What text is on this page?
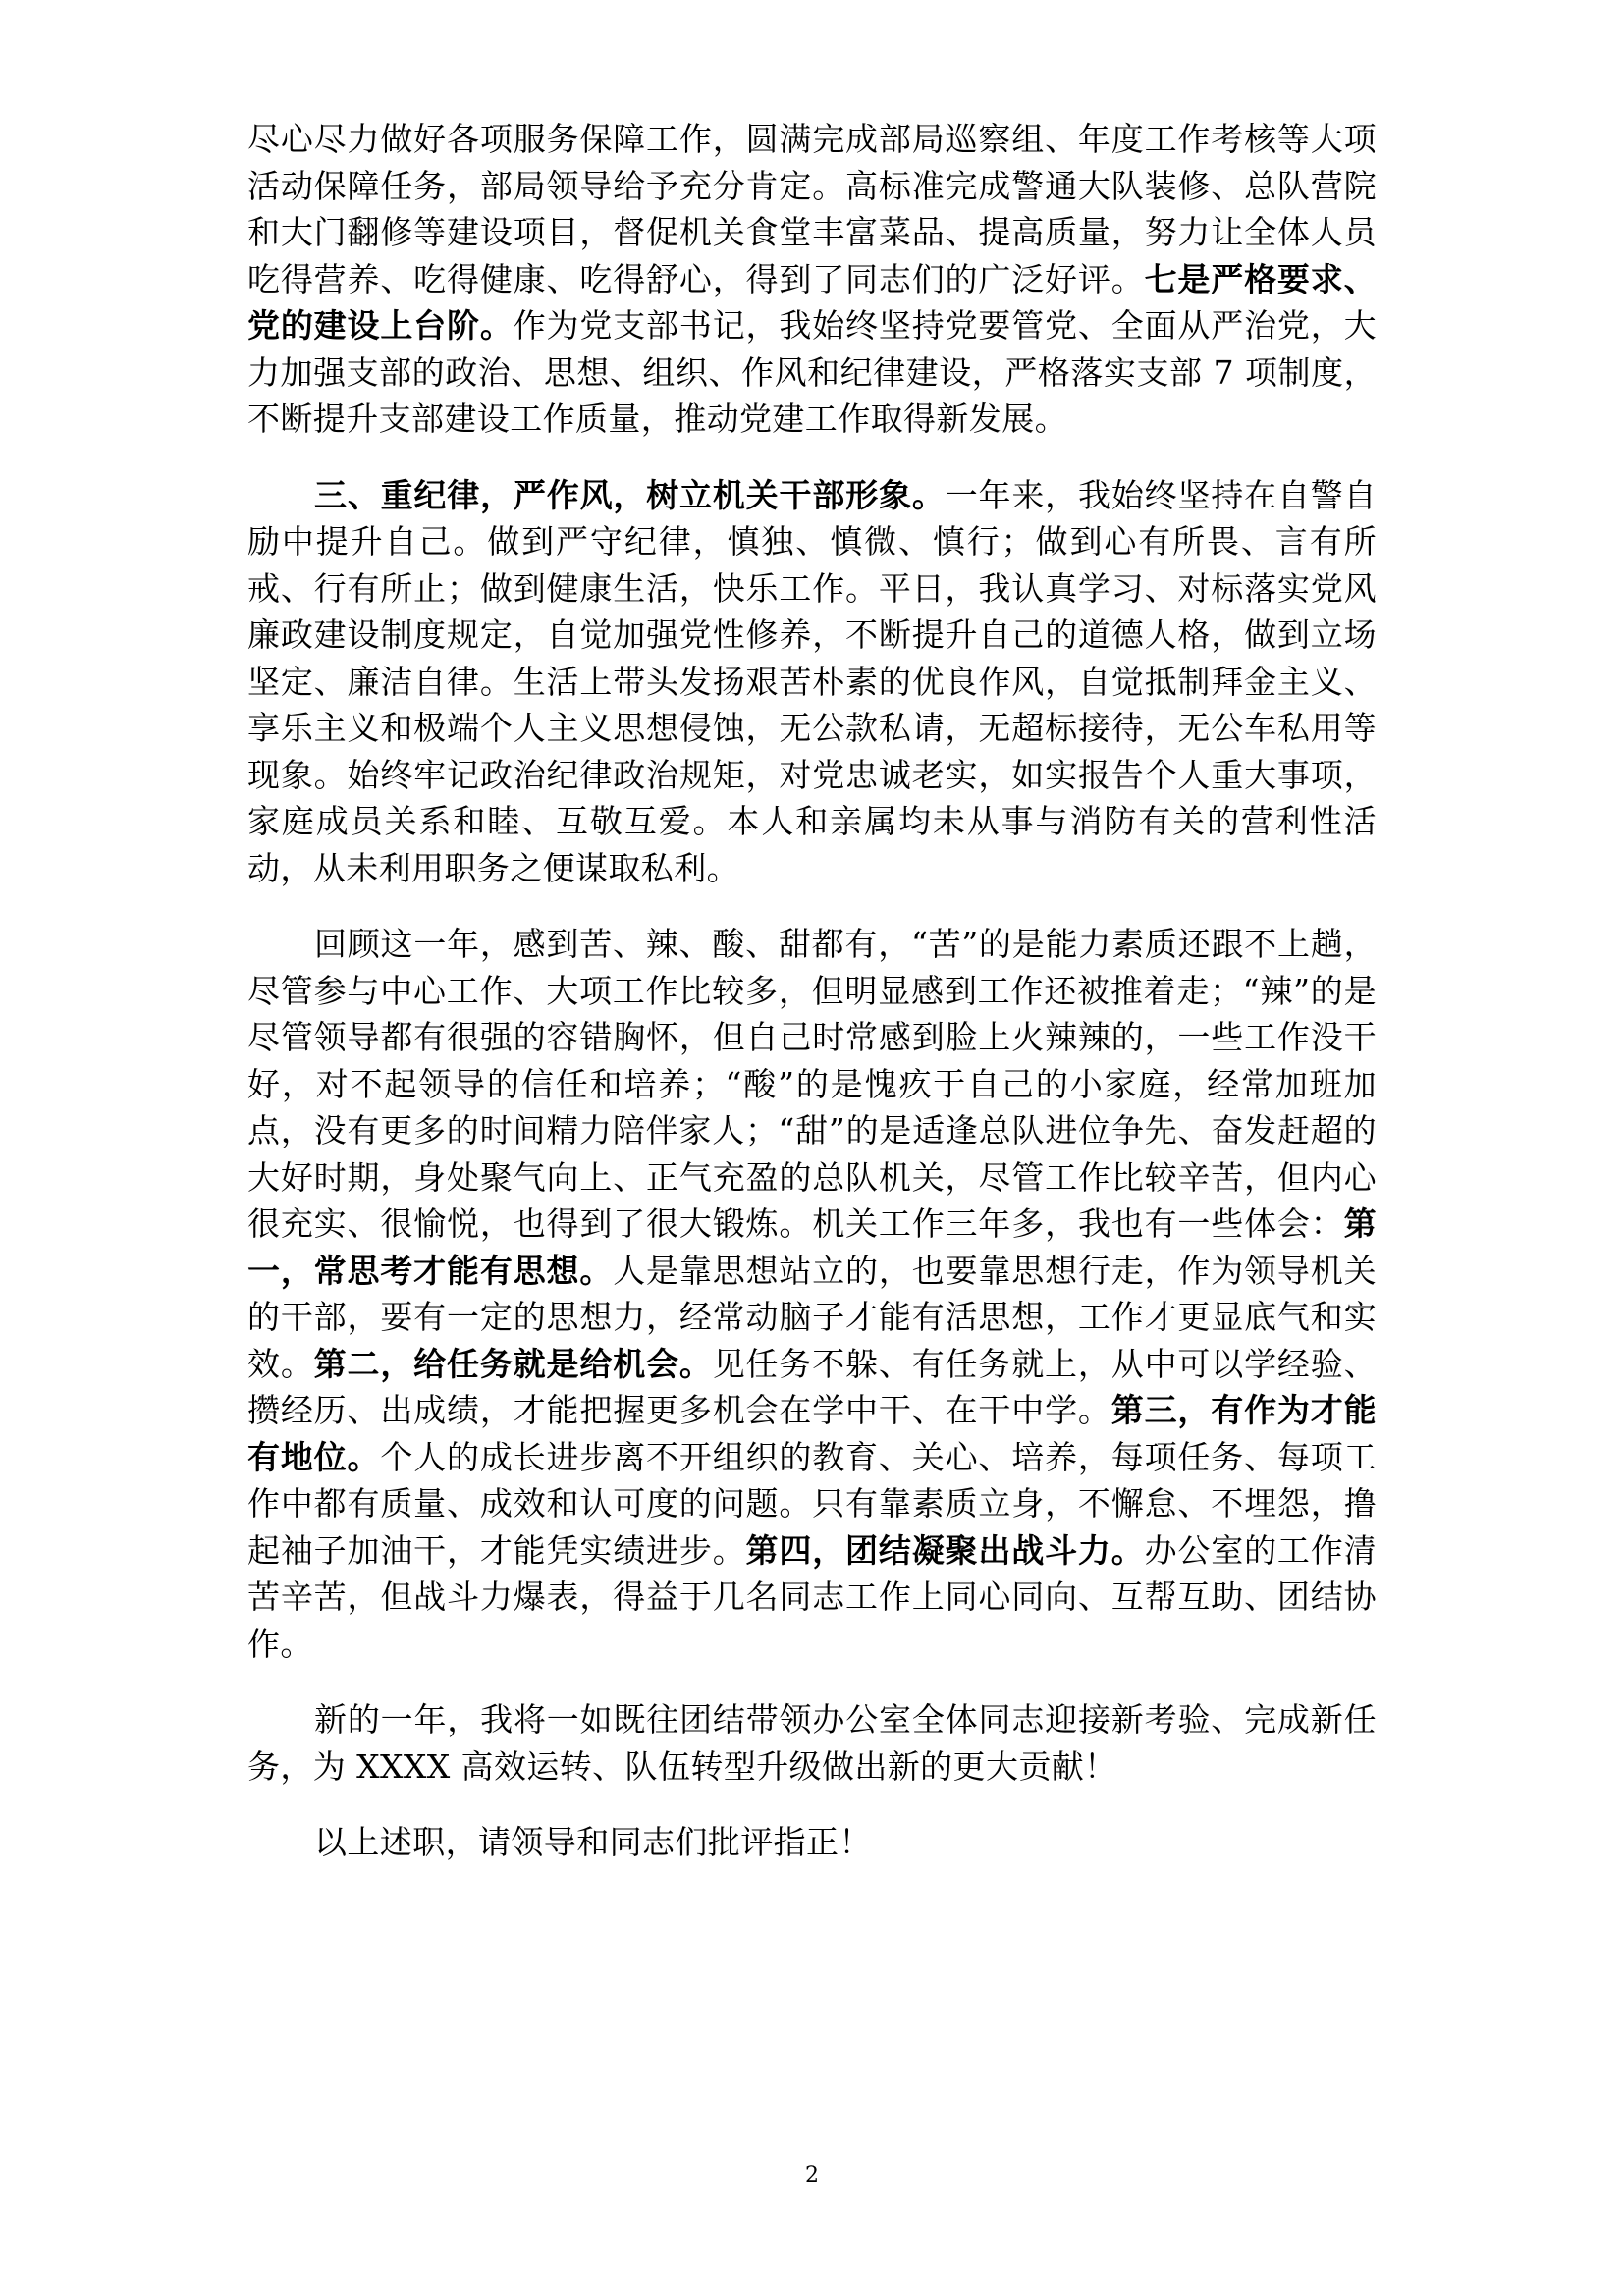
尽心尽力做好各项服务保障工作，圆满完成部局巡察组、年度工作考核等大项活动保障任务，部局领导给予充分肯定。高标准完成警通大队装修、总队营院和大门翻修等建设项目，督促机关食堂丰富菜品、提高质量，努力让全体人员吃得营养、吃得健康、吃得舒心，得到了同志们的广泛好评。七是严格要求、党的建设上台阶。作为党支部书记，我始终坚持党要管党、全面从严治党，大力加强支部的政治、思想、组织、作风和纪律建设，严格落实支部 7 项制度，不断提升支部建设工作质量，推动党建工作取得新发展。

三、重纪律，严作风，树立机关干部形象。一年来，我始终坚持在自警自励中提升自己。做到严守纪律，慎独、慎微、慎行；做到心有所畏、言有所戒、行有所止；做到健康生活，快乐工作。平日，我认真学习、对标落实党风廉政建设制度规定，自觉加强党性修养，不断提升自己的道德人格，做到立场坚定、廉洁自律。生活上带头发扬艰苦朴素的优良作风，自觉抵制拜金主义、享乐主义和极端个人主义思想侵蚀，无公款私请，无超标接待，无公车私用等现象。始终牢记政治纪律政治规矩，对党忠诚老实，如实报告个人重大事项，家庭成员关系和睦、互敬互爱。本人和亲属均未从事与消防有关的营利性活动，从未利用职务之便谋取私利。

回顾这一年，感到苦、辣、酸、甜都有，“苦”的是能力素质还跟不上趟，尽管参与中心工作、大项工作比较多，但明显感到工作还被推着走；“辣”的是尽管领导都有很强的容错胸怀，但自己时常感到脸上火辣辣的，一些工作没干好，对不起领导的信任和培养；“酸”的是愧疚于自己的小家庭，经常加班加点，没有更多的时间精力陪伴家人；“甜”的是适逢总队进位争先、奋发赶超的大好时期，身处聚气向上、正气充盈的总队机关，尽管工作比较辛苦，但内心很充实、很愉悦，也得到了很大锻炼。机关工作三年多，我也有一些体会：第一，常思考才能有思想。人是靠思想站立的，也要靠思想行走，作为领导机关的干部，要有一定的思想力，经常动脑子才能有活思想，工作才更显底气和实效。第二，给任务就是给机会。见任务不躲、有任务就上，从中可以学经验、攒经历、出成绩，才能把握更多机会在学中干、在干中学。第三，有作为才能有地位。个人的成长进步离不开组织的教育、关心、培养，每项任务、每项工作中都有质量、成效和认可度的问题。只有靠素质立身，不懈怠、不埋怨，撸起袖子加油干，才能凭实绩进步。第四，团结凝聚出战斗力。办公室的工作清苦辛苦，但战斗力爆表，得益于几名同志工作上同心同向、互帮互助、团结协作。

新的一年，我将一如既往团结带领办公室全体同志迎接新考验、完成新任务，为 XXXX 高效运转、队伍转型升级做出新的更大贡献！

以上述职，请领导和同志们批评指正！

2
